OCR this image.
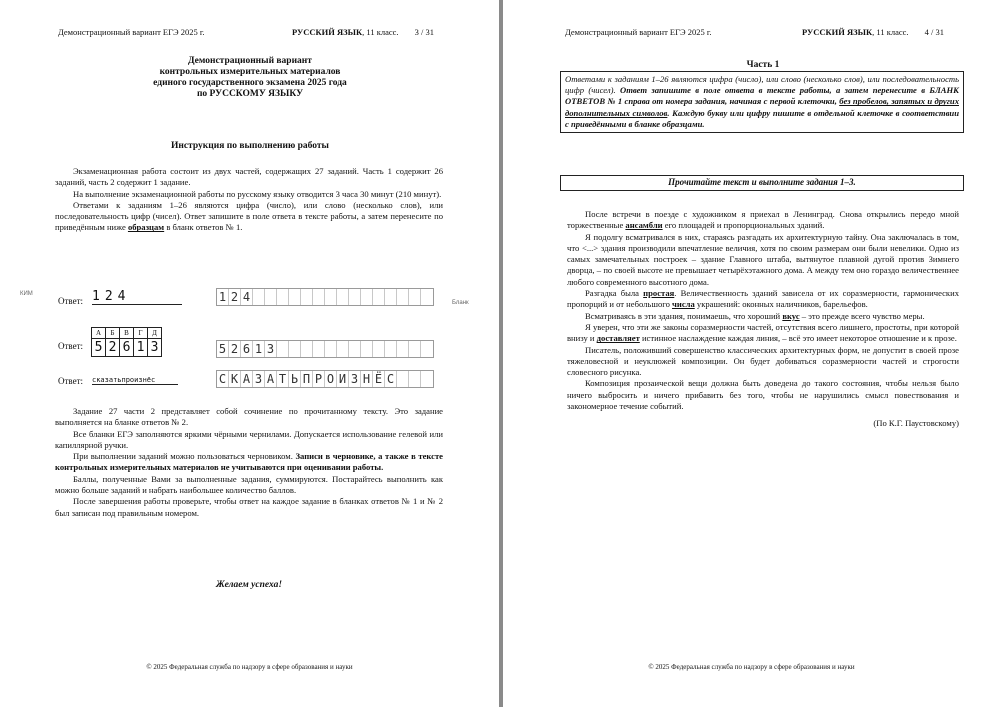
Демонстрационный вариант ЕГЭ 2025 г.	РУССКИЙ ЯЗЫК, 11 класс. 3 / 31
Демонстрационный вариант
контрольных измерительных материалов
единого государственного экзамена 2025 года
по РУССКОМУ ЯЗЫКУ
Инструкция по выполнению работы

Экзаменационная работа состоит из двух частей, содержащих 27 заданий. Часть 1 содержит 26 заданий, часть 2 содержит 1 задание.

На выполнение экзаменационной работы по русскому языку отводится 3 часа 30 минут (210 минут).

Ответами к заданиям 1–26 являются цифра (число), или слово (несколько слов), или последовательность цифр (чисел). Ответ запишите в поле ответа в тексте работы, а затем перенесите по приведённым ниже образцам в бланк ответов № 1.

КИМ
Бланк
Ответ: 124	1 2 4
Ответ:
А	Б	В	Г	Д
5	2	6	1	3	5 2 6 1 3
Ответ: сказатьпроизнёс	С К А З А Т Ь П Р О И З Н Ё С

Задание 27 части 2 представляет собой сочинение по прочитанному тексту. Это задание выполняется на бланке ответов № 2.

Все бланки ЕГЭ заполняются яркими чёрными чернилами. Допускается использование гелевой или капиллярной ручки.

При выполнении заданий можно пользоваться черновиком. Записи в черновике, а также в тексте контрольных измерительных материалов не учитываются при оценивании работы.

Баллы, полученные Вами за выполненные задания, суммируются. Постарайтесь выполнить как можно больше заданий и набрать наибольшее количество баллов.

После завершения работы проверьте, чтобы ответ на каждое задание в бланках ответов № 1 и № 2 был записан под правильным номером.

Желаем успеха!
© 2025 Федеральная служба по надзору в сфере образования и науки
Демонстрационный вариант ЕГЭ 2025 г.	РУССКИЙ ЯЗЫК, 11 класс. 4 / 31
Часть 1
Ответами к заданиям 1–26 являются цифра (число), или слово (несколько слов), или последовательность цифр (чисел). Ответ запишите в поле ответа в тексте работы, а затем перенесите в БЛАНК ОТВЕТОВ № 1 справа от номера задания, начиная с первой клеточки, без пробелов, запятых и других дополнительных символов. Каждую букву или цифру пишите в отдельной клеточке в соответствии с приведёнными в бланке образцами.
Прочитайте текст и выполните задания 1–3.

После встречи в поезде с художником я приехал в Ленинград. Снова открылись передо мной торжественные ансамбли его площадей и пропорциональных зданий.

Я подолгу всматривался в них, стараясь разгадать их архитектурную тайну. Она заключалась в том, что <...> здания производили впечатление величия, хотя по своим размерам они были невелики. Одно из самых замечательных построек – здание Главного штаба, вытянутое плавной дугой против Зимнего дворца, – по своей высоте не превышает четырёхэтажного дома. А между тем оно гораздо величественнее любого современного высотного дома.

Разгадка была простая. Величественность зданий зависела от их соразмерности, гармонических пропорций и от небольшого числа украшений: оконных наличников, барельефов.

Всматриваясь в эти здания, понимаешь, что хороший вкус – это прежде всего чувство меры.

Я уверен, что эти же законы соразмерности частей, отсутствия всего лишнего, простоты, при которой внизу и доставляет истинное наслаждение каждая линия, – всё это имеет некоторое отношение и к прозе.

Писатель, положивший совершенство классических архитектурных форм, не допустит в своей прозе тяжеловесной и неуклюжей композиции. Он будет добиваться соразмерности частей и строгости словесного рисунка.

Композиция прозаической вещи должна быть доведена до такого состояния, чтобы нельзя было ничего выбросить и ничего прибавить без того, чтобы не нарушились смысл повествования и закономерное течение событий.

(По К.Г. Паустовскому)
© 2025 Федеральная служба по надзору в сфере образования и науки
